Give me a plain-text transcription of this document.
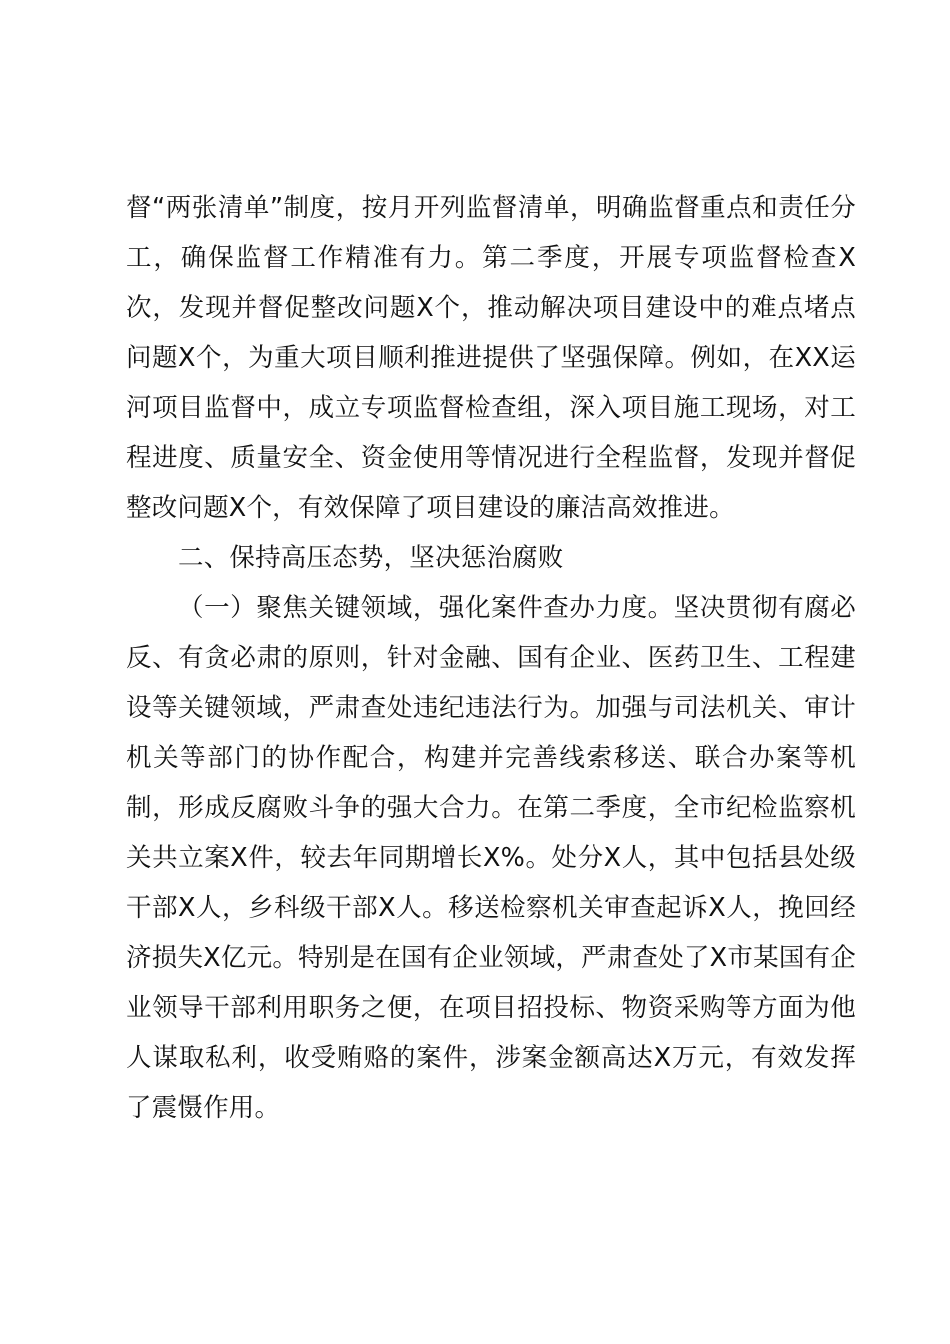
督“两张清单”制度，按月开列监督清单，明确监督重点和责任分工，确保监督工作精准有力。第二季度，开展专项监督检查X次，发现并督促整改问题X个，推动解决项目建设中的难点堵点问题X个，为重大项目顺利推进提供了坚强保障。例如，在XX运河项目监督中，成立专项监督检查组，深入项目施工现场，对工程进度、质量安全、资金使用等情况进行全程监督，发现并督促整改问题X个，有效保障了项目建设的廉洁高效推进。

二、保持高压态势，坚决惩治腐败

（一）聚焦关键领域，强化案件查办力度。坚决贯彻有腐必反、有贪必肃的原则，针对金融、国有企业、医药卫生、工程建设等关键领域，严肃查处违纪违法行为。加强与司法机关、审计机关等部门的协作配合，构建并完善线索移送、联合办案等机制，形成反腐败斗争的强大合力。在第二季度，全市纪检监察机关共立案X件，较去年同期增长X%。处分X人，其中包括县处级干部X人，乡科级干部X人。移送检察机关审查起诉X人，挽回经济损失X亿元。特别是在国有企业领域，严肃查处了X市某国有企业领导干部利用职务之便，在项目招投标、物资采购等方面为他人谋取私利，收受贿赂的案件，涉案金额高达X万元，有效发挥了震慑作用。
